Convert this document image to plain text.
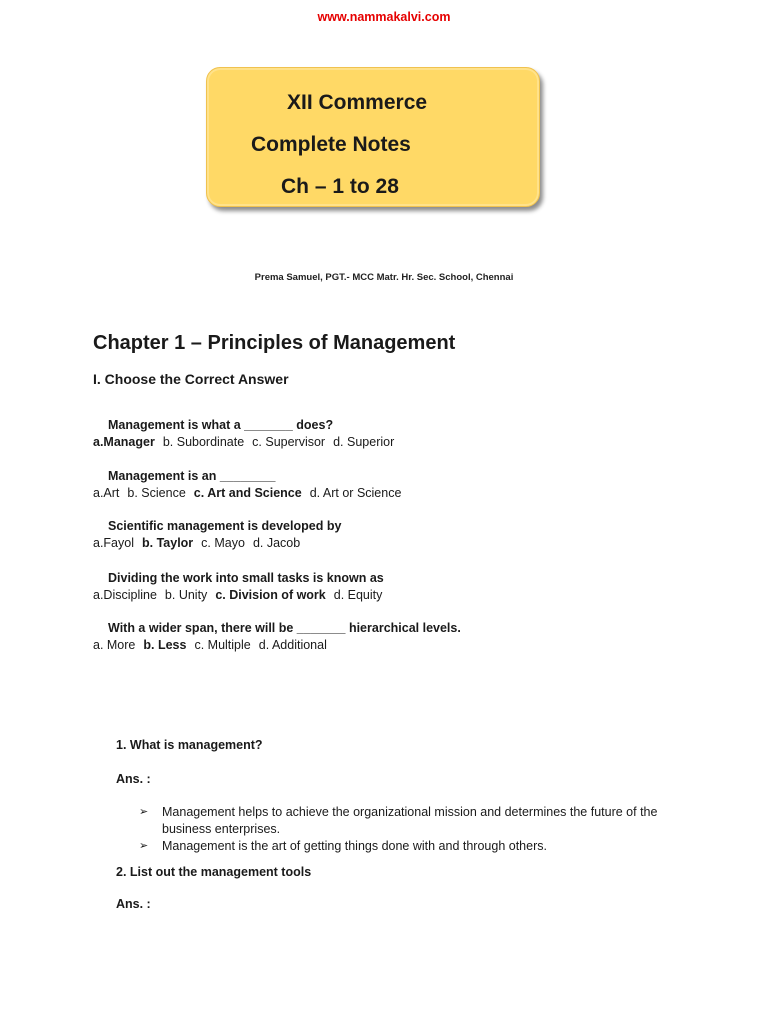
www.nammakalvi.com
XII Commerce
Complete Notes
Ch – 1 to 28
Prema Samuel, PGT.- MCC Matr. Hr. Sec. School, Chennai
Chapter 1 – Principles of Management
I. Choose the Correct Answer
Management is what a _______ does?
a.Manager b. Subordinate c. Supervisor d. Superior
Management is an ________
a.Art b. Science c. Art and Science d. Art or Science
Scientific management is developed by
a.Fayol b. Taylor c. Mayo d. Jacob
Dividing the work into small tasks is known as
a.Discipline b. Unity c. Division of work d. Equity
With a wider span, there will be _______ hierarchical levels.
a. More b. Less c. Multiple d. Additional
1. What is management?
Ans. :
➢ Management helps to achieve the organizational mission and determines the future of the business enterprises.
➢ Management is the art of getting things done with and through others.
2. List out the management tools
Ans. :
